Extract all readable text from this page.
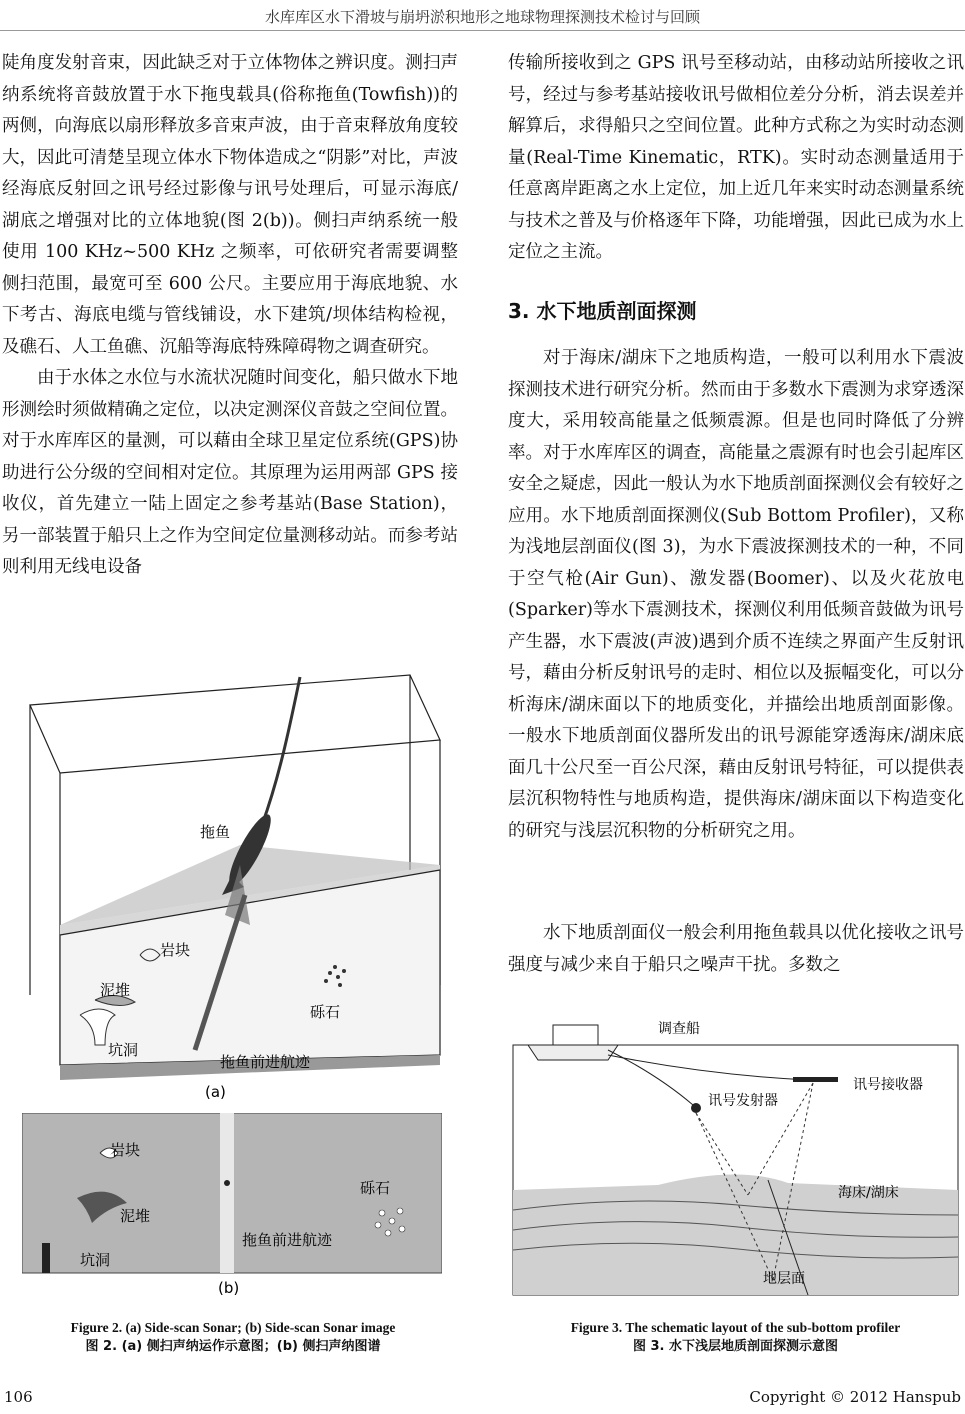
水库库区水下滑坡与崩坍淤积地形之地球物理探测技术检讨与回顾

陡角度发射音束，因此缺乏对于立体物体之辨识度。测扫声纳系统将音鼓放置于水下拖曳载具(俗称拖鱼(Towfish))的两侧，向海底以扇形释放多音束声波，由于音束释放角度较大，因此可清楚呈现立体水下物体造成之“阴影”对比，声波经海底反射回之讯号经过影像与讯号处理后，可显示海底/湖底之增强对比的立体地貌(图 2(b))。侧扫声纳系统一般使用 100 KHz~500 KHz 之频率，可依研究者需要调整侧扫范围，最宽可至 600 公尺。主要应用于海底地貌、水下考古、海底电缆与管线铺设，水下建筑/坝体结构检视，及礁石、人工鱼礁、沉船等海底特殊障碍物之调查研究。

由于水体之水位与水流状况随时间变化，船只做水下地形测绘时须做精确之定位，以决定测深仪音鼓之空间位置。对于水库库区的量测，可以藉由全球卫星定位系统(GPS)协助进行公分级的空间相对定位。其原理为运用两部 GPS 接收仪，首先建立一陆上固定之参考基站(Base Station)，另一部装置于船只上之作为空间定位量测移动站。而参考站则利用无线电设备

传输所接收到之 GPS 讯号至移动站，由移动站所接收之讯号，经过与参考基站接收讯号做相位差分分析，消去误差并解算后，求得船只之空间位置。此种方式称之为实时动态测量(Real-Time Kinematic，RTK)。实时动态测量适用于任意离岸距离之水上定位，加上近几年来实时动态测量系统与技术之普及与价格逐年下降，功能增强，因此已成为水上定位之主流。

3. 水下地质剖面探测

对于海床/湖床下之地质构造，一般可以利用水下震波探测技术进行研究分析。然而由于多数水下震测为求穿透深度大，采用较高能量之低频震源。但是也同时降低了分辨率。对于水库库区的调查，高能量之震源有时也会引起库区安全之疑虑，因此一般认为水下地质剖面探测仪会有较好之应用。水下地质剖面探测仪(Sub Bottom Profiler)，又称为浅地层剖面仪(图 3)，为水下震波探测技术的一种，不同于空气枪(Air Gun)、激发器(Boomer)、以及火花放电(Sparker)等水下震测技术，探测仪利用低频音鼓做为讯号产生器，水下震波(声波)遇到介质不连续之界面产生反射讯号，藉由分析反射讯号的走时、相位以及振幅变化，可以分析海床/湖床面以下的地质变化，并描绘出地质剖面影像。一般水下地质剖面仪器所发出的讯号源能穿透海床/湖床底面几十公尺至一百公尺深，藉由反射讯号特征，可以提供表层沉积物特性与地质构造，提供海床/湖床面以下构造变化的研究与浅层沉积物的分析研究之用。

水下地质剖面仪一般会利用拖鱼载具以优化接收之讯号强度与减少来自于船只之噪声干扰。多数之

拖鱼
岩块
泥堆
砾石
坑洞
拖鱼前进航迹
(a)
岩块
泥堆
砾石
坑洞
拖鱼前进航迹
(b)
Figure 2. (a) Side-scan Sonar; (b) Side-scan Sonar image
图 2. (a) 侧扫声纳运作示意图；(b) 侧扫声纳图谱
调查船
讯号接收器
讯号发射器
海床/湖床
地层面
Figure 3. The schematic layout of the sub-bottom profiler
图 3. 水下浅层地质剖面探测示意图
106	Copyright © 2012 Hanspub
